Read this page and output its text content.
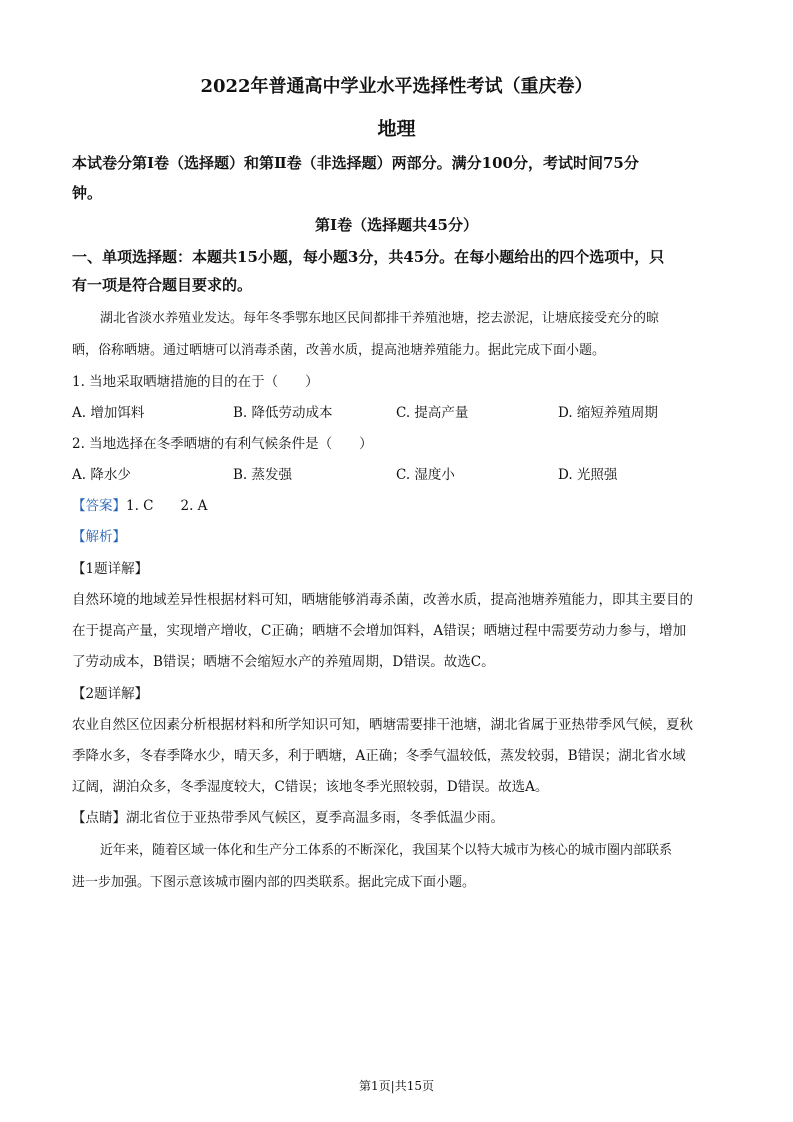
2022年普通高中学业水平选择性考试（重庆卷）
地理
本试卷分第Ⅰ卷（选择题）和第Ⅱ卷（非选择题）两部分。满分100分，考试时间75分
钟。
第Ⅰ卷（选择题共45分）
一、单项选择题：本题共15小题，每小题3分，共45分。在每小题给出的四个选项中，只
有一项是符合题目要求的。
湖北省淡水养殖业发达。每年冬季鄂东地区民间都排干养殖池塘，挖去淤泥，让塘底接受充分的晾
晒，俗称晒塘。通过晒塘可以消毒杀菌，改善水质，提高池塘养殖能力。据此完成下面小题。
1. 当地采取晒塘措施的目的在于（　　）
A. 增加饵料	B. 降低劳动成本	C. 提高产量	D. 缩短养殖周期
2. 当地选择在冬季晒塘的有利气候条件是（　　）
A. 降水少	B. 蒸发强	C. 湿度小	D. 光照强
【答案】1. C　　2. A
【解析】
【1题详解】
自然环境的地域差异性根据材料可知，晒塘能够消毒杀菌，改善水质，提高池塘养殖能力，即其主要目的
在于提高产量，实现增产增收，C正确；晒塘不会增加饵料，A错误；晒塘过程中需要劳动力参与，增加
了劳动成本，B错误；晒塘不会缩短水产的养殖周期，D错误。故选C。
【2题详解】
农业自然区位因素分析根据材料和所学知识可知，晒塘需要排干池塘，湖北省属于亚热带季风气候，夏秋
季降水多，冬春季降水少，晴天多，利于晒塘，A正确；冬季气温较低，蒸发较弱，B错误；湖北省水域
辽阔，湖泊众多，冬季湿度较大，C错误；该地冬季光照较弱，D错误。故选A。
【点睛】湖北省位于亚热带季风气候区，夏季高温多雨，冬季低温少雨。
近年来，随着区域一体化和生产分工体系的不断深化，我国某个以特大城市为核心的城市圈内部联系
进一步加强。下图示意该城市圈内部的四类联系。据此完成下面小题。
第1页|共15页
